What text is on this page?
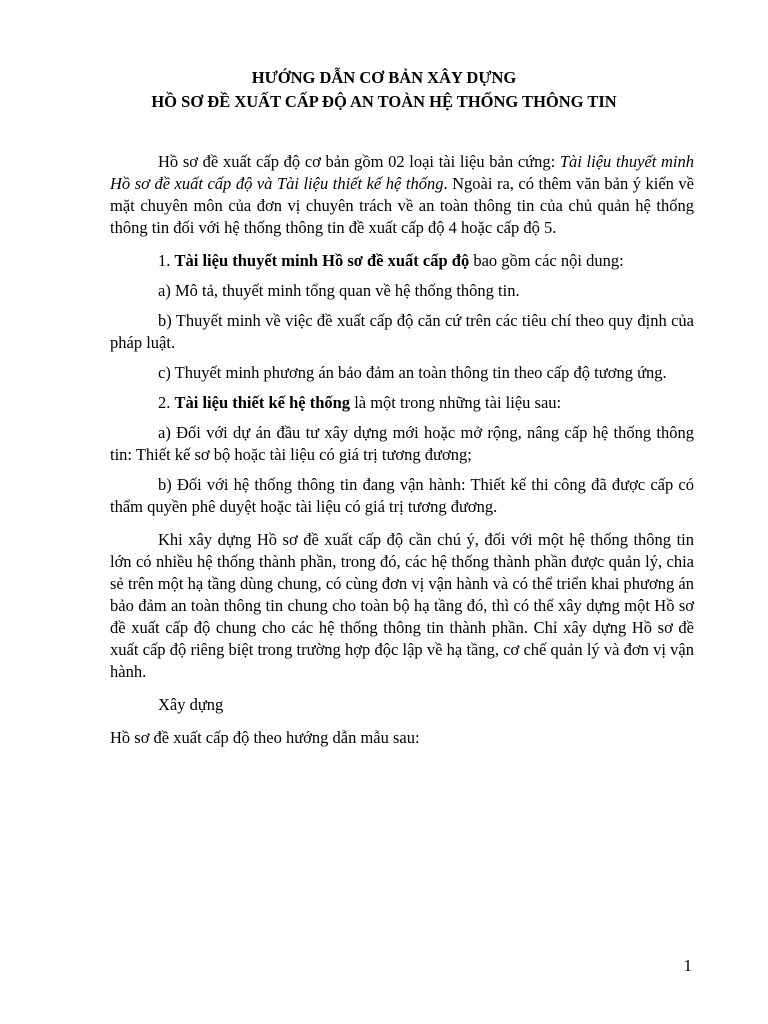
HƯỚNG DẪN CƠ BẢN XÂY DỰNG
HỒ SƠ ĐỀ XUẤT CẤP ĐỘ AN TOÀN HỆ THỐNG THÔNG TIN

Hồ sơ đề xuất cấp độ cơ bản gồm 02 loại tài liệu bản cứng: Tài liệu thuyết minh Hồ sơ đề xuất cấp độ và Tài liệu thiết kế hệ thống. Ngoài ra, có thêm văn bản ý kiến về mặt chuyên môn của đơn vị chuyên trách về an toàn thông tin của chủ quản hệ thống thông tin đối với hệ thống thông tin đề xuất cấp độ 4 hoặc cấp độ 5.

1. Tài liệu thuyết minh Hồ sơ đề xuất cấp độ bao gồm các nội dung:

a) Mô tả, thuyết minh tổng quan về hệ thống thông tin.

b) Thuyết minh về việc đề xuất cấp độ căn cứ trên các tiêu chí theo quy định của pháp luật.

c) Thuyết minh phương án bảo đảm an toàn thông tin theo cấp độ tương ứng.

2. Tài liệu thiết kế hệ thống là một trong những tài liệu sau:

a) Đối với dự án đầu tư xây dựng mới hoặc mở rộng, nâng cấp hệ thống thông tin: Thiết kế sơ bộ hoặc tài liệu có giá trị tương đương;

b) Đối với hệ thống thông tin đang vận hành: Thiết kế thi công đã được cấp có thẩm quyền phê duyệt hoặc tài liệu có giá trị tương đương.

Khi xây dựng Hồ sơ đề xuất cấp độ cần chú ý, đối với một hệ thống thông tin lớn có nhiều hệ thống thành phần, trong đó, các hệ thống thành phần được quản lý, chia sẻ trên một hạ tầng dùng chung, có cùng đơn vị vận hành và có thể triển khai phương án bảo đảm an toàn thông tin chung cho toàn bộ hạ tầng đó, thì có thể xây dựng một Hồ sơ đề xuất cấp độ chung cho các hệ thống thông tin thành phần. Chỉ xây dựng Hồ sơ đề xuất cấp độ riêng biệt trong trường hợp độc lập về hạ tầng, cơ chế quản lý và đơn vị vận hành.

Xây dựng

Hồ sơ đề xuất cấp độ theo hướng dẫn mẫu sau:

1
